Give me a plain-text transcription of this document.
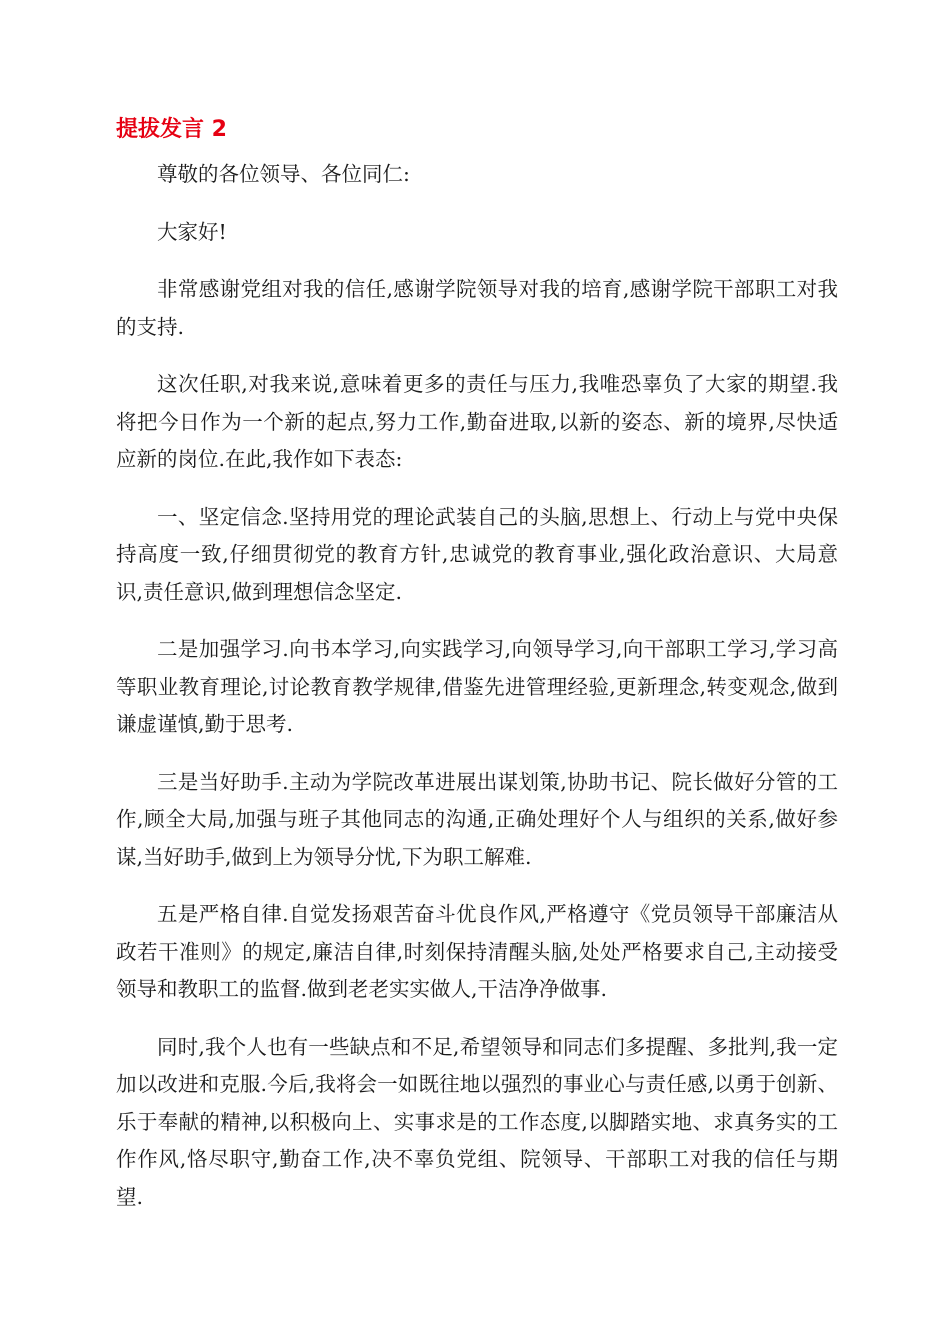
提拔发言 2

尊敬的各位领导、各位同仁:

大家好!

非常感谢党组对我的信任,感谢学院领导对我的培育,感谢学院干部职工对我的支持.

这次任职,对我来说,意味着更多的责任与压力,我唯恐辜负了大家的期望.我将把今日作为一个新的起点,努力工作,勤奋进取,以新的姿态、新的境界,尽快适应新的岗位.在此,我作如下表态:

一、坚定信念.坚持用党的理论武装自己的头脑,思想上、行动上与党中央保持高度一致,仔细贯彻党的教育方针,忠诚党的教育事业,强化政治意识、大局意识,责任意识,做到理想信念坚定.

二是加强学习.向书本学习,向实践学习,向领导学习,向干部职工学习,学习高等职业教育理论,讨论教育教学规律,借鉴先进管理经验,更新理念,转变观念,做到谦虚谨慎,勤于思考.

三是当好助手.主动为学院改革进展出谋划策,协助书记、院长做好分管的工作,顾全大局,加强与班子其他同志的沟通,正确处理好个人与组织的关系,做好参谋,当好助手,做到上为领导分忧,下为职工解难.

五是严格自律.自觉发扬艰苦奋斗优良作风,严格遵守《党员领导干部廉洁从政若干准则》的规定,廉洁自律,时刻保持清醒头脑,处处严格要求自己,主动接受领导和教职工的监督.做到老老实实做人,干洁净净做事.

同时,我个人也有一些缺点和不足,希望领导和同志们多提醒、多批判,我一定加以改进和克服.今后,我将会一如既往地以强烈的事业心与责任感,以勇于创新、乐于奉献的精神,以积极向上、实事求是的工作态度,以脚踏实地、求真务实的工作作风,恪尽职守,勤奋工作,决不辜负党组、院领导、干部职工对我的信任与期望.
